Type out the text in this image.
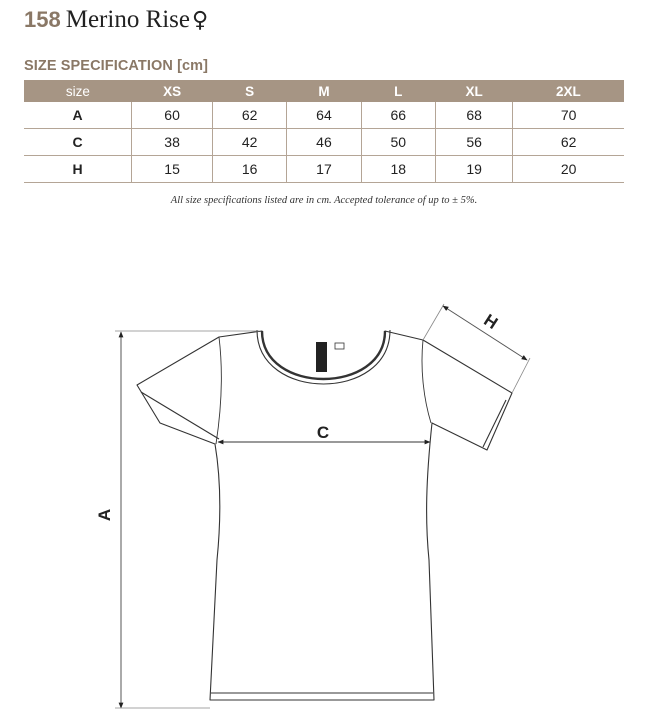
158 Merino Rise ♀
SIZE SPECIFICATION [cm]
size	XS	S	M	L	XL	2XL
A	60	62	64	66	68	70
C	38	42	46	50	56	62
H	15	16	17	18	19	20
All size specifications listed are in cm. Accepted tolerance of up to ± 5%.
A
C
H
